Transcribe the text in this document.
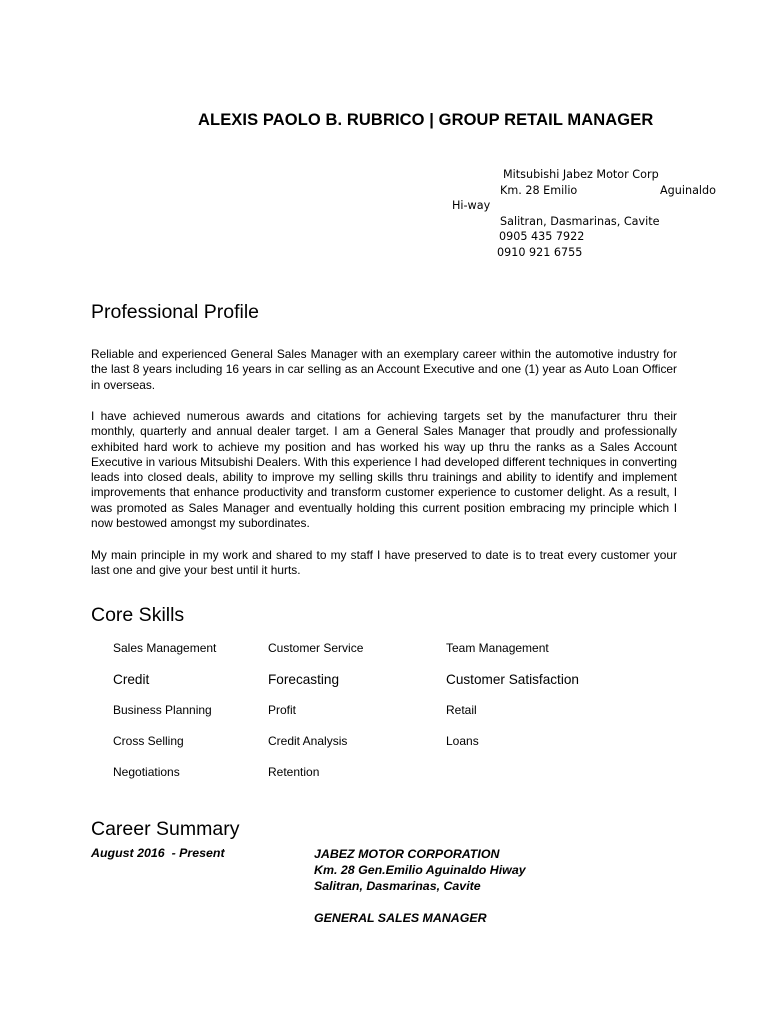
ALEXIS PAOLO B. RUBRICO | GROUP RETAIL MANAGER
Mitsubishi Jabez Motor Corp
Km. 28 Emilio	Aguinaldo
Hi-way
Salitran, Dasmarinas, Cavite
0905 435 7922
0910 921 6755
Professional Profile

Reliable and experienced General Sales Manager with an exemplary career within the automotive industry for the last 8 years including 16 years in car selling as an Account Executive and one (1) year as Auto Loan Officer in overseas.

I have achieved numerous awards and citations for achieving targets set by the manufacturer thru their monthly, quarterly and annual dealer target. I am a General Sales Manager that proudly and professionally exhibited hard work to achieve my position and has worked his way up thru the ranks as a Sales Account Executive in various Mitsubishi Dealers. With this experience I had developed different techniques in converting leads into closed deals, ability to improve my selling skills thru trainings and ability to identify and implement improvements that enhance productivity and transform customer experience to customer delight. As a result, I was promoted as Sales Manager and eventually holding this current position embracing my principle which I now bestowed amongst my subordinates.

My main principle in my work and shared to my staff I have preserved to date is to treat every customer your last one and give your best until it hurts.

Core Skills
Sales Management	Customer Service	Team Management
Credit	Forecasting	Customer Satisfaction
Business Planning	Profit	Retail
Cross Selling	Credit Analysis	Loans
Negotiations	Retention
Career Summary
August 2016  - Present	JABEZ MOTOR CORPORATION
Km. 28 Gen.Emilio Aguinaldo Hiway
Salitran, Dasmarinas, Cavite
GENERAL SALES MANAGER
